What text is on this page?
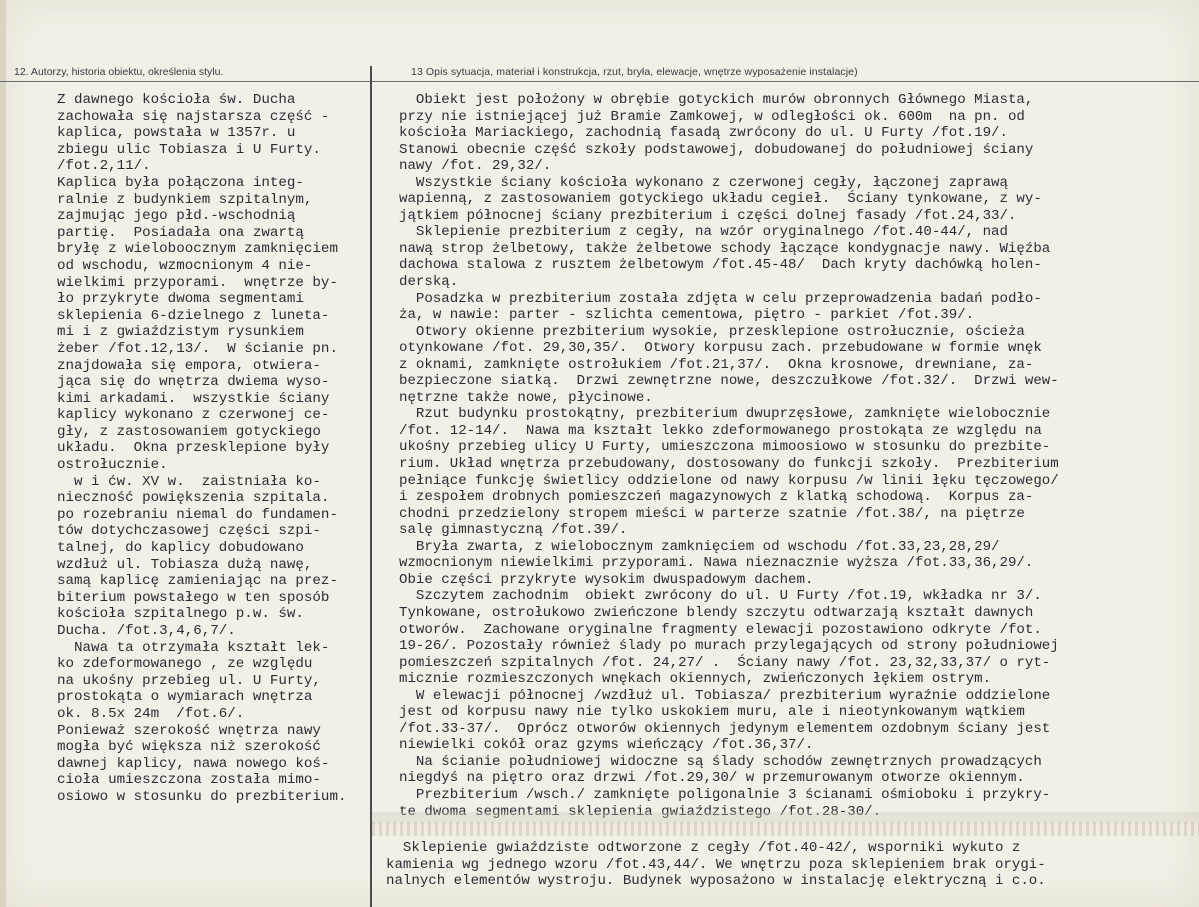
12. Autorzy, historia obiektu, określenia stylu.	13 Opis sytuacja, materiał i konstrukcja, rzut, bryła, elewacje, wnętrze wyposażenie instalacje)
Z dawnego kościoła św. Ducha
zachowała się najstarsza część -
kaplica, powstała w 1357r. u
zbiegu ulic Tobiasza i U Furty.
/fot.2,11/.
Kaplica była połączona integ-
ralnie z budynkiem szpitalnym,
zajmując jego płd.-wschodnią
partię.  Posiadała ona zwartą
bryłę z wieloboocznym zamknięciem
od wschodu, wzmocnionym 4 nie-
wielkimi przyporami.  wnętrze by-
ło przykryte dwoma segmentami
sklepienia 6-dzielnego z luneta-
mi i z gwiaździstym rysunkiem
żeber /fot.12,13/.  W ścianie pn.
znajdowała się empora, otwiera-
jąca się do wnętrza dwiema wyso-
kimi arkadami.  wszystkie ściany
kaplicy wykonano z czerwonej ce-
gły, z zastosowaniem gotyckiego
układu.  Okna przesklepione były
ostrołucznie.
w i ćw. XV w.  zaistniała ko-
nieczność powiększenia szpitala.
po rozebraniu niemal do fundamen-
tów dotychczasowej części szpi-
talnej, do kaplicy dobudowano
wzdłuż ul. Tobiasza dużą nawę,
samą kaplicę zamieniając na prez-
biterium powstałego w ten sposób
kościoła szpitalnego p.w. św.
Ducha. /fot.3,4,6,7/.
Nawa ta otrzymała kształt lek-
ko zdeformowanego , ze względu
na ukośny przebieg ul. U Furty,
prostokąta o wymiarach wnętrza
ok. 8.5x 24m  /fot.6/.
Ponieważ szerokość wnętrza nawy
mogła być większa niż szerokość
dawnej kaplicy, nawa nowego koś-
cioła umieszczona została mimo-
osiowo w stosunku do prezbiterium.
Obiekt jest położony w obrębie gotyckich murów obronnych Głównego Miasta,
przy nie istniejącej już Bramie Zamkowej, w odległości ok. 600m  na pn. od
kościoła Mariackiego, zachodnią fasadą zwrócony do ul. U Furty /fot.19/.
Stanowi obecnie część szkoły podstawowej, dobudowanej do południowej ściany
nawy /fot. 29,32/.
Wszystkie ściany kościoła wykonano z czerwonej cegły, łączonej zaprawą
wapienną, z zastosowaniem gotyckiego układu cegieł.  Ściany tynkowane, z wy-
jątkiem północnej ściany prezbiterium i części dolnej fasady /fot.24,33/.
Sklepienie prezbiterium z cegły, na wzór oryginalnego /fot.40-44/, nad
nawą strop żelbetowy, także żelbetowe schody łączące kondygnacje nawy. Więźba
dachowa stalowa z rusztem żelbetowym /fot.45-48/  Dach kryty dachówką holen-
derską.
Posadzka w prezbiterium została zdjęta w celu przeprowadzenia badań podło-
ża, w nawie: parter - szlichta cementowa, piętro - parkiet /fot.39/.
Otwory okienne prezbiterium wysokie, przesklepione ostrołucznie, ościeża
otynkowane /fot. 29,30,35/.  Otwory korpusu zach. przebudowane w formie wnęk
z oknami, zamknięte ostrołukiem /fot.21,37/.  Okna krosnowe, drewniane, za-
bezpieczone siatką.  Drzwi zewnętrzne nowe, deszczułkowe /fot.32/.  Drzwi wew-
nętrzne także nowe, płycinowe.
Rzut budynku prostokątny, prezbiterium dwuprzęsłowe, zamknięte wielobocznie
/fot. 12-14/.  Nawa ma kształt lekko zdeformowanego prostokąta ze względu na
ukośny przebieg ulicy U Furty, umieszczona mimoosiowo w stosunku do prezbite-
rium. Układ wnętrza przebudowany, dostosowany do funkcji szkoły.  Prezbiterium
pełniące funkcję świetlicy oddzielone od nawy korpusu /w linii łęku tęczowego/
i zespołem drobnych pomieszczeń magazynowych z klatką schodową.  Korpus za-
chodni przedzielony stropem mieści w parterze szatnie /fot.38/, na piętrze
salę gimnastyczną /fot.39/.
Bryła zwarta, z wielobocznym zamknięciem od wschodu /fot.33,23,28,29/
wzmocnionym niewielkimi przyporami. Nawa nieznacznie wyższa /fot.33,36,29/.
Obie części przykryte wysokim dwuspadowym dachem.
Szczytem zachodnim  obiekt zwrócony do ul. U Furty /fot.19, wkładka nr 3/.
Tynkowane, ostrołukowo zwieńczone blendy szczytu odtwarzają kształt dawnych
otworów.  Zachowane oryginalne fragmenty elewacji pozostawiono odkryte /fot.
19-26/. Pozostały również ślady po murach przylegających od strony południowej
pomieszczeń szpitalnych /fot. 24,27/ .  Ściany nawy /fot. 23,32,33,37/ o ryt-
micznie rozmieszczonych wnękach okiennych, zwieńczonych łękiem ostrym.
W elewacji północnej /wzdłuż ul. Tobiasza/ prezbiterium wyraźnie oddzielone
jest od korpusu nawy nie tylko uskokiem muru, ale i nieotynkowanym wątkiem
/fot.33-37/.  Oprócz otworów okiennych jedynym elementem ozdobnym ściany jest
niewielki cokół oraz gzyms wieńczący /fot.36,37/.
Na ścianie południowej widoczne są ślady schodów zewnętrznych prowadzących
niegdyś na piętro oraz drzwi /fot.29,30/ w przemurowanym otworze okiennym.
Prezbiterium /wsch./ zamknięte poligonalnie 3 ścianami ośmioboku i przykry-
te dwoma segmentami sklepienia gwiaździstego /fot.28-30/.
Sklepienie gwiaździste odtworzone z cegły /fot.40-42/, wsporniki wykuto z
kamienia wg jednego wzoru /fot.43,44/. We wnętrzu poza sklepieniem brak orygi-
nalnych elementów wystroju. Budynek wyposażono w instalację elektryczną i c.o.
